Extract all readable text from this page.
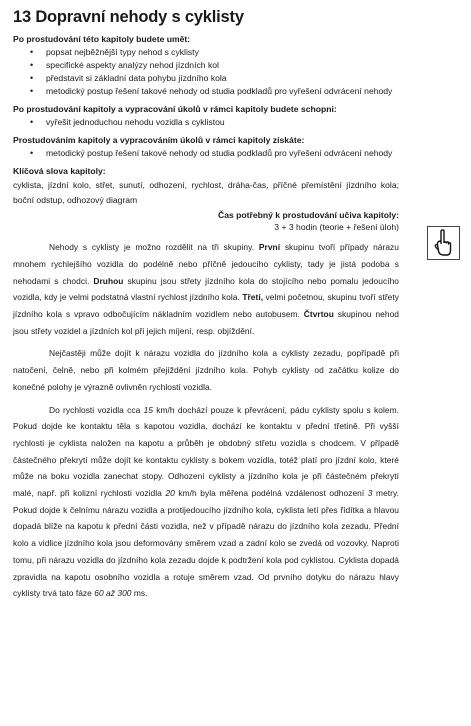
13 Dopravní nehody s cyklisty

Po prostudování této kapitoly budete umět:

• popsat nejběžnější typy nehod s cyklisty
• specifické aspekty analýzy nehod jízdních kol
• představit si základní data pohybu jízdního kola
• metodický postup řešení takové nehody od studia podkladů pro vyřešení odvrácení nehody

Po prostudování kapitoly a vypracování úkolů v rámci kapitoly budete schopni:

• vyřešit jednoduchou nehodu vozidla s cyklistou

Prostudováním kapitoly a vypracováním úkolů v rámci kapitoly získáte:

• metodický postup řešení takové nehody od studia podkladů pro vyřešení odvrácení nehody

Klíčová slova kapitoly:

cyklista, jízdní kolo, střet, sunutí, odhození, rychlost, dráha-čas, příčné přemístění jízdního kola; boční odstup, odhozový diagram

Čas potřebný k prostudování učiva kapitoly:
3 + 3 hodin (teorie + řešení úloh)

Nehody s cyklisty je možno rozdělit na tři skupiny. První skupinu tvoří případy nárazu mnohem rychlejšího vozidla do podélně nebo příčně jedoucího cyklisty, tady je jistá podoba s nehodami s chodci. Druhou skupinu jsou střety jízdního kola do stojícího nebo pomalu jedoucího vozidla, kdy je velmi podstatná vlastní rychlost jízdního kola. Třetí, velmi početnou, skupinu tvoří střety jízdního kola s vpravo odbočujícím nákladním vozidlem nebo autobusem. Čtvrtou skupinou nehod jsou střety vozidel a jízdních kol při jejich míjení, resp. objíždění.

Nejčastěji může dojít k nárazu vozidla do jízdního kola a cyklisty zezadu, popřípadě při natočení, čelně, nebo při kolmém přejíždění jízdního kola. Pohyb cyklisty od začátku kolize do konečné polohy je výrazně ovlivněn rychlostí vozidla.

Do rychlosti vozidla cca 15 km/h dochází pouze k převrácení, pádu cyklisty spolu s kolem. Pokud dojde ke kontaktu těla s kapotou vozidla, dochází ke kontaktu v přední třetině. Při vyšší rychlosti je cyklista naložen na kapotu a průběh je obdobný střetu vozidla s chodcem. V případě částečného překrytí může dojít ke kontaktu cyklisty s bokem vozidla, totéž platí pro jízdní kolo, které může na boku vozidla zanechat stopy. Odhození cyklisty a jízdního kola je při částečném překrytí malé, např. při kolizní rychlosti vozidla 20 km/h byla měřena podélná vzdálenost odhození 3 metry. Pokud dojde k čelnímu nárazu vozidla a protijedoucího jízdního kola, cyklista letí přes řídítka a hlavou dopadá blíže na kapotu k přední části vozidla, než v případě nárazu do jízdního kola zezadu. Přední kolo a vidlice jízdního kola jsou deformovány směrem vzad a zadní kolo se zvedá od vozovky. Naproti tomu, při nárazu vozidla do jízdního kola zezadu dojde k podtržení kola pod cyklistou. Cyklista dopadá zpravidla na kapotu osobního vozidla a rotuje směrem vzad. Od prvního dotyku do nárazu hlavy cyklisty trvá tato fáze 60 až 300 ms.
